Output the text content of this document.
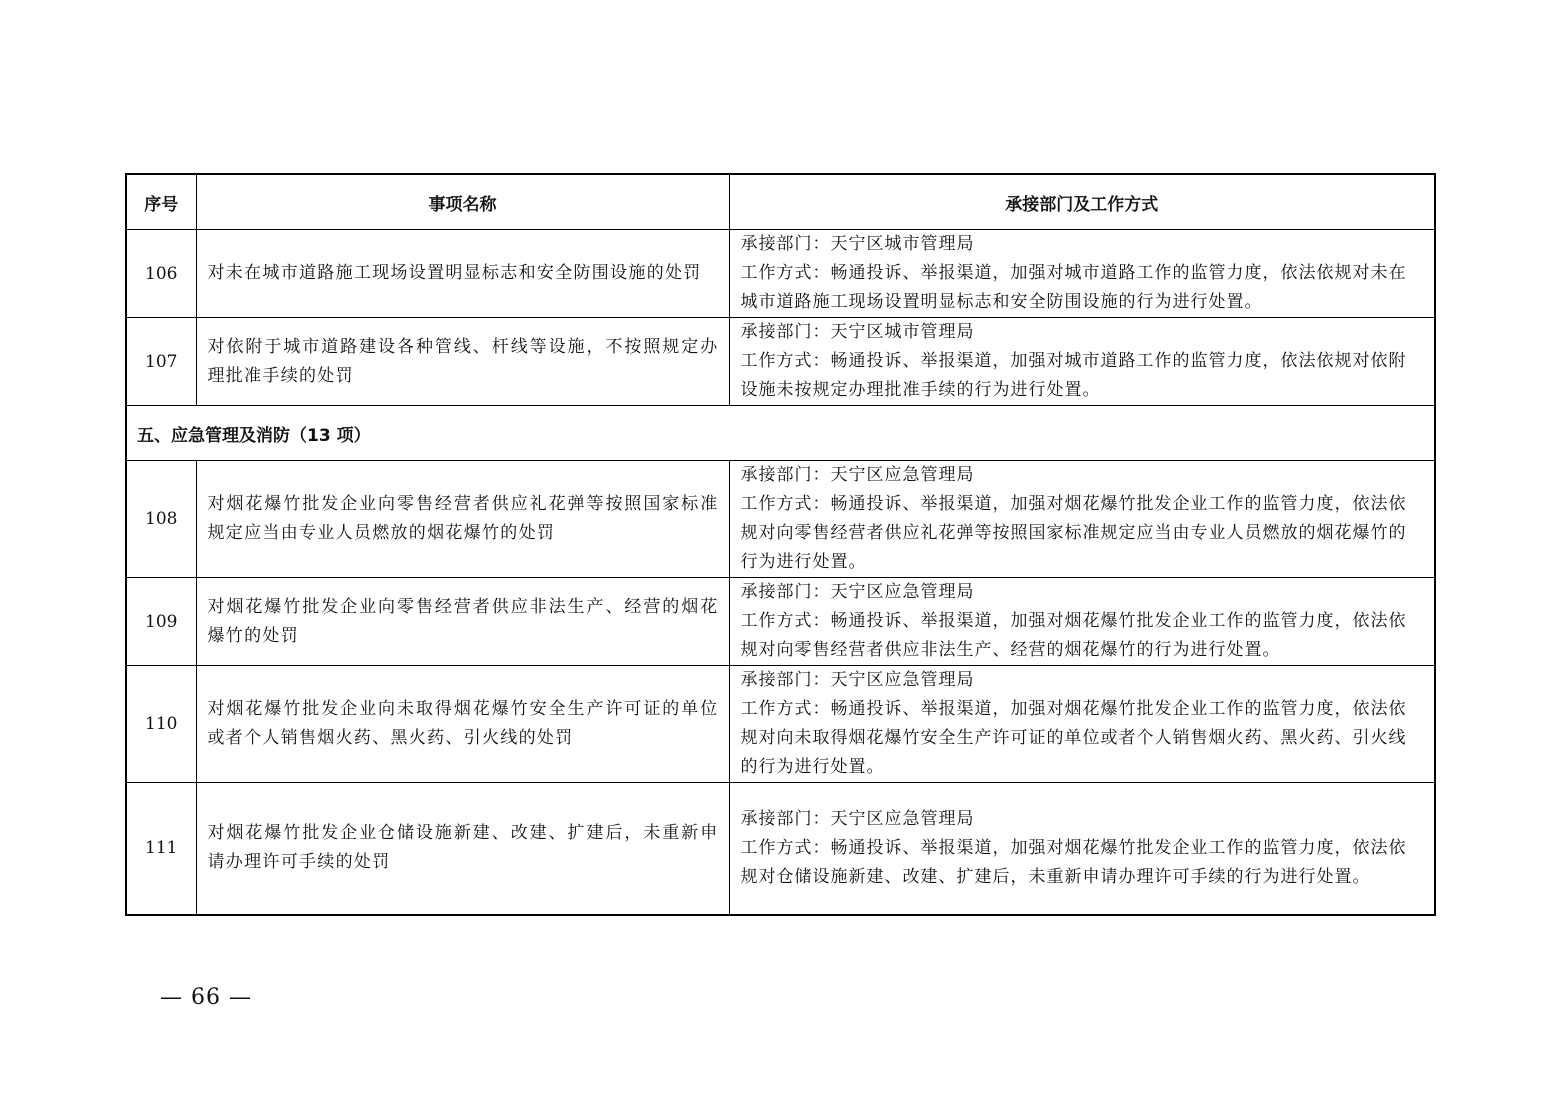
序号	事项名称	承接部门及工作方式
106	对未在城市道路施工现场设置明显标志和安全防围设施的处罚	承接部门：天宁区城市管理局
工作方式：畅通投诉、举报渠道，加强对城市道路工作的监管力度，依法依规对未在城市道路施工现场设置明显标志和安全防围设施的行为进行处置。

107	对依附于城市道路建设各种管线、杆线等设施，不按照规定办理批准手续的处罚	承接部门：天宁区城市管理局
工作方式：畅通投诉、举报渠道，加强对城市道路工作的监管力度，依法依规对依附设施未按规定办理批准手续的行为进行处置。

五、应急管理及消防（13 项）		
108	对烟花爆竹批发企业向零售经营者供应礼花弹等按照国家标准规定应当由专业人员燃放的烟花爆竹的处罚	承接部门：天宁区应急管理局
工作方式：畅通投诉、举报渠道，加强对烟花爆竹批发企业工作的监管力度，依法依规对向零售经营者供应礼花弹等按照国家标准规定应当由专业人员燃放的烟花爆竹的行为进行处置。

109	对烟花爆竹批发企业向零售经营者供应非法生产、经营的烟花爆竹的处罚	承接部门：天宁区应急管理局
工作方式：畅通投诉、举报渠道，加强对烟花爆竹批发企业工作的监管力度，依法依规对向零售经营者供应非法生产、经营的烟花爆竹的行为进行处置。

110	对烟花爆竹批发企业向未取得烟花爆竹安全生产许可证的单位或者个人销售烟火药、黑火药、引火线的处罚	承接部门：天宁区应急管理局
工作方式：畅通投诉、举报渠道，加强对烟花爆竹批发企业工作的监管力度，依法依规对向未取得烟花爆竹安全生产许可证的单位或者个人销售烟火药、黑火药、引火线的行为进行处置。

111	对烟花爆竹批发企业仓储设施新建、改建、扩建后，未重新申请办理许可手续的处罚	承接部门：天宁区应急管理局
工作方式：畅通投诉、举报渠道，加强对烟花爆竹批发企业工作的监管力度，依法依规对仓储设施新建、改建、扩建后，未重新申请办理许可手续的行为进行处置。
— 66 —
